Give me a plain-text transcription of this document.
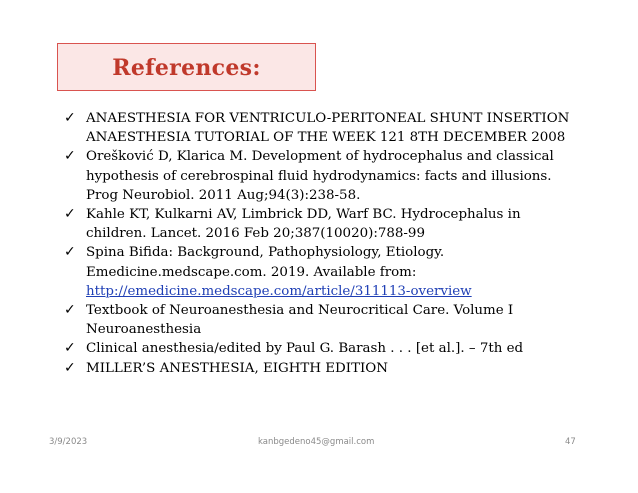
References:
✓ ANAESTHESIA FOR VENTRICULO-PERITONEAL SHUNT INSERTION ANAESTHESIA TUTORIAL OF THE WEEK 121 8TH DECEMBER 2008
✓ Orešković D, Klarica M. Development of hydrocephalus and classical hypothesis of cerebrospinal fluid hydrodynamics: facts and illusions. Prog Neurobiol. 2011 Aug;94(3):238-58.
✓ Kahle KT, Kulkarni AV, Limbrick DD, Warf BC. Hydrocephalus in children. Lancet. 2016 Feb 20;387(10020):788-99
✓ Spina Bifida: Background, Pathophysiology, Etiology. Emedicine.medscape.com. 2019. Available from: http://emedicine.medscape.com/article/311113-overview
✓ Textbook of Neuroanesthesia and Neurocritical Care. Volume I Neuroanesthesia
✓ Clinical anesthesia/edited by Paul G. Barash . . . [et al.]. – 7th ed
✓ MILLER’S ANESTHESIA, EIGHTH EDITION
3/9/2023	kanbgedeno45@gmail.com	47
